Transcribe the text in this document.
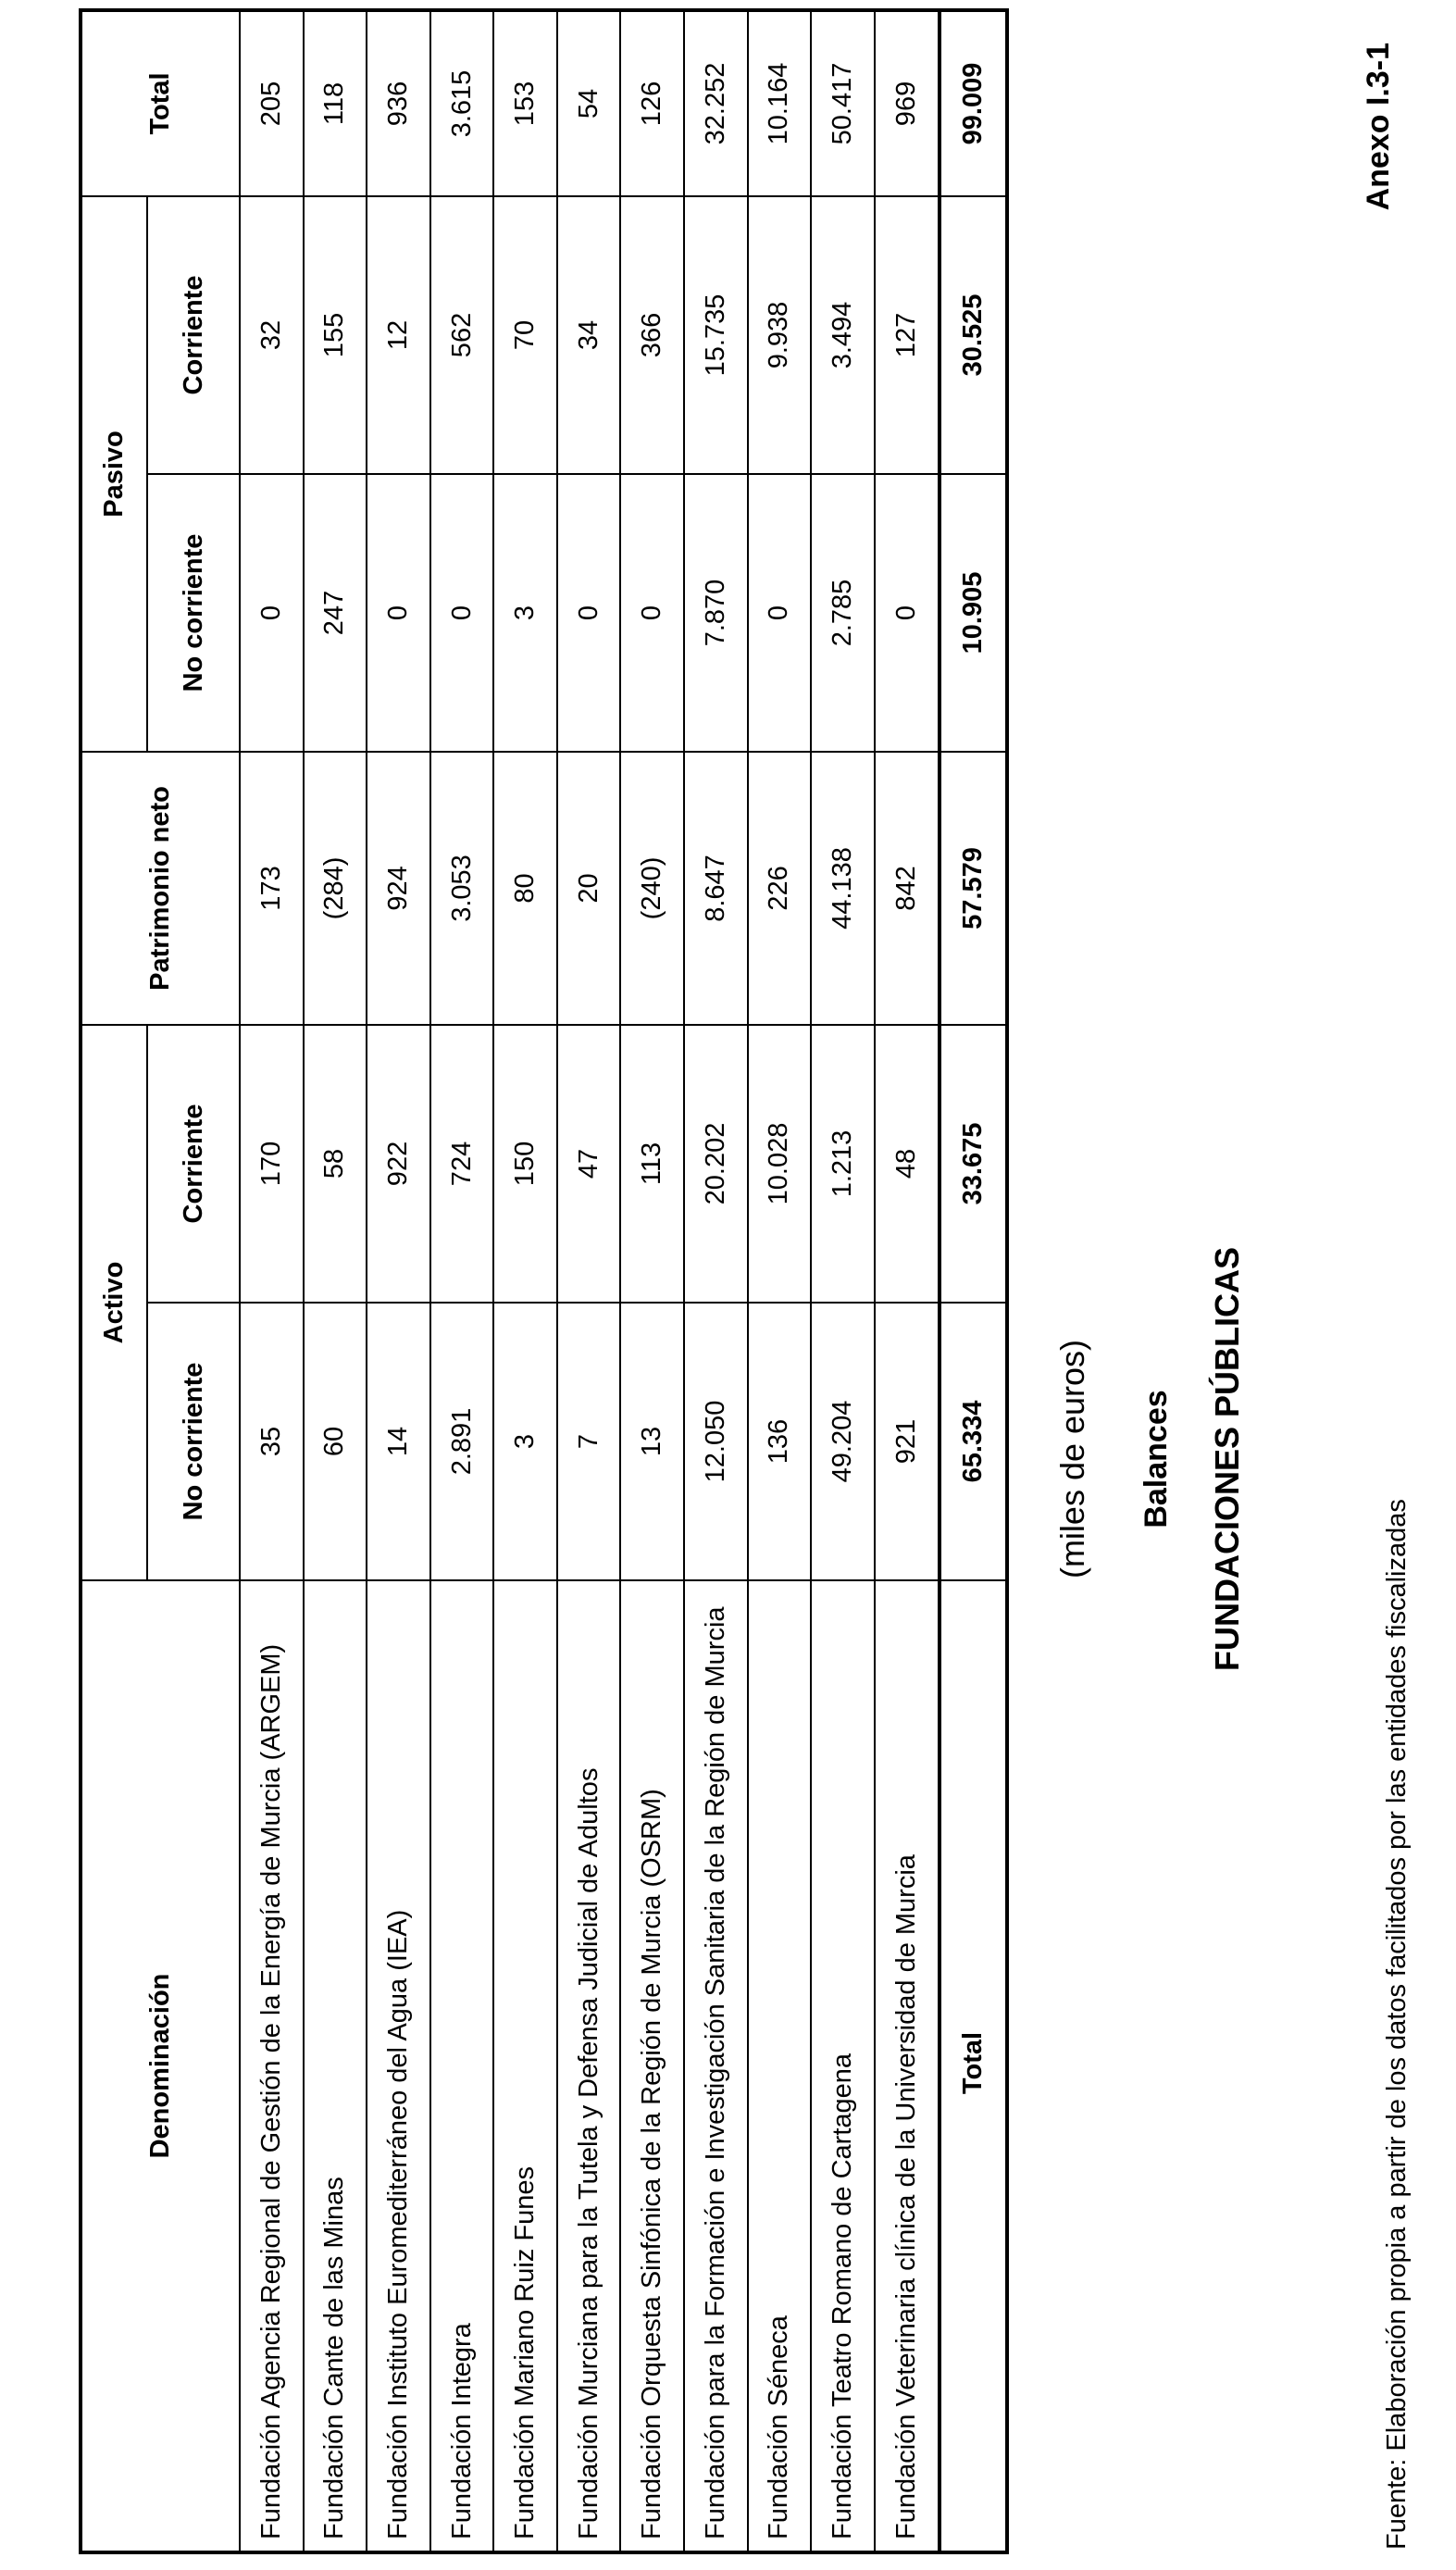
Anexo I.3-1
FUNDACIONES PÚBLICAS
Balances
(miles de euros)
Denominación	Activo		Patrimonio neto	Pasivo		Total
	No corriente	Corriente		No corriente	Corriente	
Fundación Agencia Regional de Gestión de la Energía de Murcia (ARGEM)	35	170	173	0	32	205
Fundación Cante de las Minas	60	58	(284)	247	155	118
Fundación Instituto Euromediterráneo del Agua (IEA)	14	922	924	0	12	936
Fundación Integra	2.891	724	3.053	0	562	3.615
Fundación Mariano Ruiz Funes	3	150	80	3	70	153
Fundación Murciana para la Tutela y Defensa Judicial de Adultos	7	47	20	0	34	54
Fundación Orquesta Sinfónica de la Región de Murcia (OSRM)	13	113	(240)	0	366	126
Fundación para la Formación e Investigación Sanitaria de la Región de Murcia	12.050	20.202	8.647	7.870	15.735	32.252
Fundación Séneca	136	10.028	226	0	9.938	10.164
Fundación Teatro Romano de Cartagena	49.204	1.213	44.138	2.785	3.494	50.417
Fundación Veterinaria clínica de la Universidad de Murcia	921	48	842	0	127	969
Total	65.334	33.675	57.579	10.905	30.525	99.009
Fuente: Elaboración propia a partir de los datos facilitados por las entidades fiscalizadas
